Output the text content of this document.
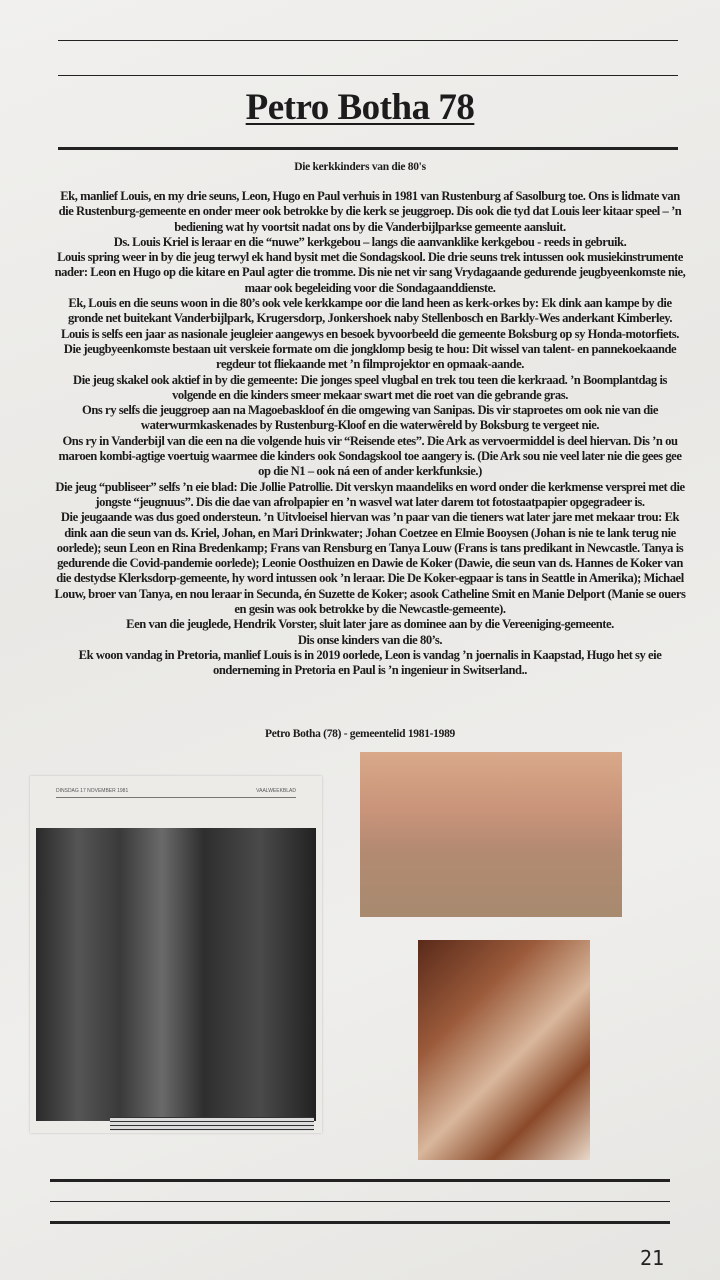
Petro Botha 78
Die kerkkinders van die 80's

Ek, manlief Louis, en my drie seuns, Leon, Hugo en Paul verhuis in 1981 van Rustenburg af Sasolburg toe. Ons is lidmate van die Rustenburg-gemeente en onder meer ook betrokke by die kerk se jeuggroep. Dis ook die tyd dat Louis leer kitaar speel – ’n bediening wat hy voortsit nadat ons by die Vanderbijlparkse gemeente aansluit.

Ds. Louis Kriel is leraar en die “nuwe” kerkgebou – langs die aanvanklike kerkgebou - reeds in gebruik.

Louis spring weer in by die jeug terwyl ek hand bysit met die Sondagskool. Die drie seuns trek intussen ook musiekinstrumente nader: Leon en Hugo op die kitare en Paul agter die tromme. Dis nie net vir sang Vrydagaande gedurende jeugbyeenkomste nie, maar ook begeleiding voor die Sondagaanddienste.

Ek, Louis en die seuns woon in die 80’s ook vele kerkkampe oor die land heen as kerk-orkes by: Ek dink aan kampe by die gronde net buitekant Vanderbijlpark, Krugersdorp, Jonkershoek naby Stellenbosch en Barkly-Wes anderkant Kimberley.

Louis is selfs een jaar as nasionale jeugleier aangewys en besoek byvoorbeeld die gemeente Boksburg op sy Honda-motorfiets.

Die jeugbyeenkomste bestaan uit verskeie formate om die jongklomp besig te hou: Dit wissel van talent- en pannekoekaande regdeur tot fliekaande met ’n filmprojektor en opmaak-aande.

Die jeug skakel ook aktief in by die gemeente: Die jonges speel vlugbal en trek tou teen die kerkraad. ’n Boomplantdag is volgende en die kinders smeer mekaar swart met die roet van die gebrande gras.

Ons ry selfs die jeuggroep aan na Magoebaskloof én die omgewing van Sanipas. Dis vir staproetes om ook nie van die waterwurmkaskenades by Rustenburg-Kloof en die waterwêreld by Boksburg te vergeet nie.

Ons ry in Vanderbijl van die een na die volgende huis vir “Reisende etes”. Die Ark as vervoermiddel is deel hiervan. Dis ’n ou maroen kombi-agtige voertuig waarmee die kinders ook Sondagskool toe aangery is. (Die Ark sou nie veel later nie die gees gee op die N1 – ook ná een of ander kerkfunksie.)

Die jeug “publiseer” selfs ’n eie blad: Die Jollie Patrollie. Dit verskyn maandeliks en word onder die kerkmense versprei met die jongste “jeugnuus”. Dis die dae van afrolpapier en ’n wasvel wat later darem tot fotostaatpapier opgegradeer is.

Die jeugaande was dus goed ondersteun. ’n Uitvloeisel hiervan was ’n paar van die tieners wat later jare met mekaar trou: Ek dink aan die seun van ds. Kriel, Johan, en Mari Drinkwater; Johan Coetzee en Elmie Booysen (Johan is nie te lank terug nie oorlede); seun Leon en Rina Bredenkamp; Frans van Rensburg en Tanya Louw (Frans is tans predikant in Newcastle. Tanya is gedurende die Covid-pandemie oorlede); Leonie Oosthuizen en Dawie de Koker (Dawie, die seun van ds. Hannes de Koker van die destydse Klerksdorp-gemeente, hy word intussen ook ’n leraar. Die De Koker-egpaar is tans in Seattle in Amerika); Michael Louw, broer van Tanya, en nou leraar in Secunda, én Suzette de Koker; asook Catheline Smit en Manie Delport (Manie se ouers en gesin was ook betrokke by die Newcastle-gemeente).

Een van die jeuglede, Hendrik Vorster, sluit later jare as dominee aan by die Vereeniging-gemeente.

Dis onse kinders van die 80’s.

Ek woon vandag in Pretoria, manlief Louis is in 2019 oorlede, Leon is vandag ’n joernalis in Kaapstad, Hugo het sy eie onderneming in Pretoria en Paul is ’n ingenieur in Switserland..

Petro Botha (78) - gemeentelid 1981-1989
DINSDAG 17 NOVEMBER 1981	VAALWEEKBLAD
21
